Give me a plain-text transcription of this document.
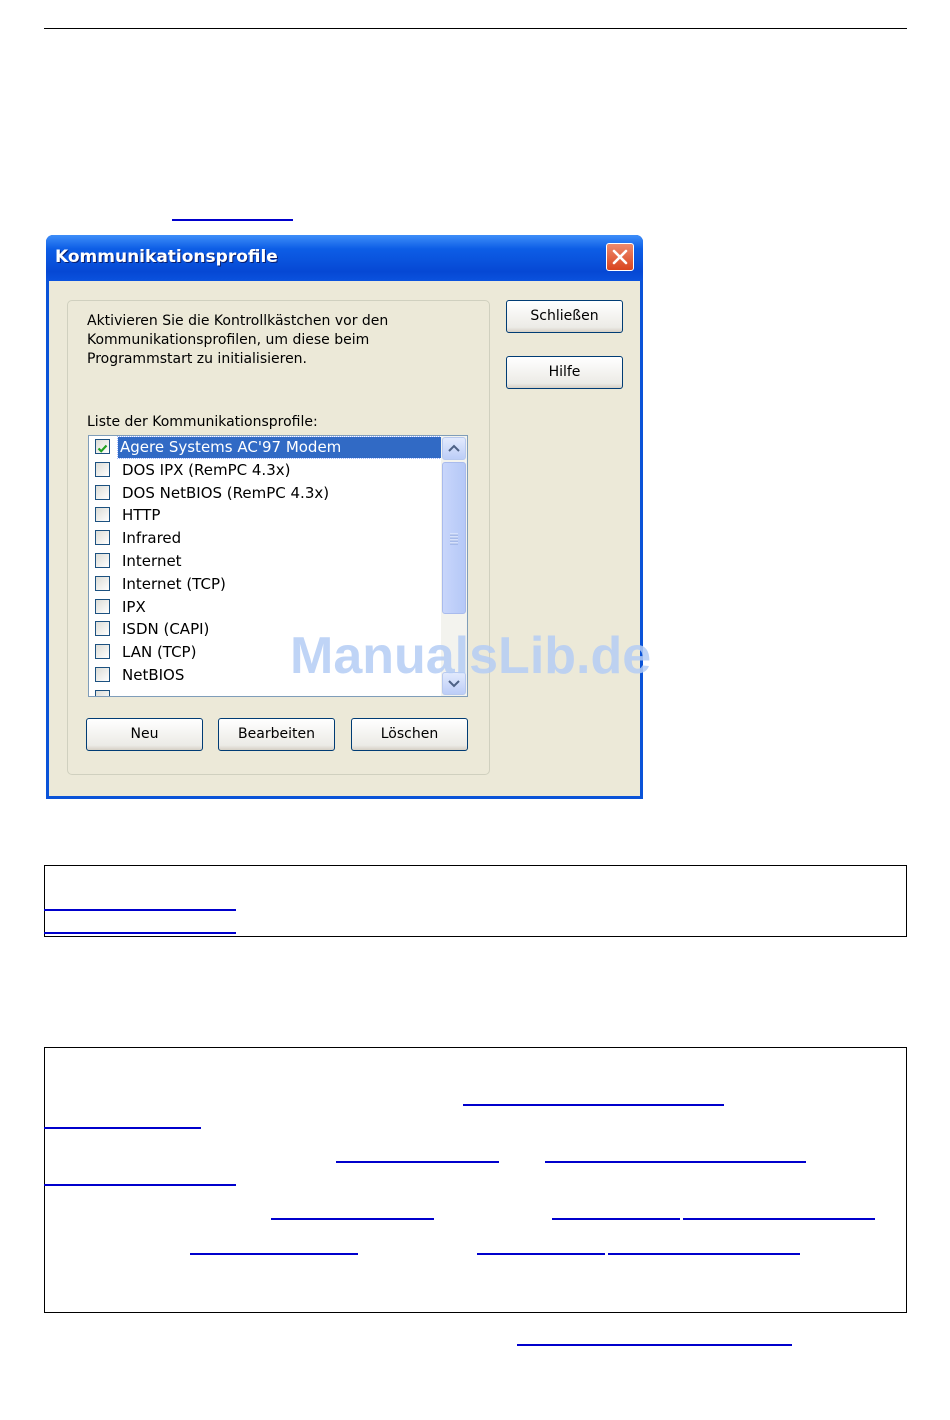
Kommunikationsprofile
Aktivieren Sie die Kontrollkästchen vor den Kommunikationsprofilen, um diese beim Programmstart zu initialisieren.
Liste der Kommunikationsprofile:
Agere Systems AC'97 Modem
DOS IPX (RemPC 4.3x)
DOS NetBIOS (RemPC 4.3x)
HTTP
Infrared
Internet
Internet (TCP)
IPX
ISDN (CAPI)
LAN (TCP)
NetBIOS
Schließen
Hilfe
Neu	Bearbeiten	Löschen
ManualsLib.de
